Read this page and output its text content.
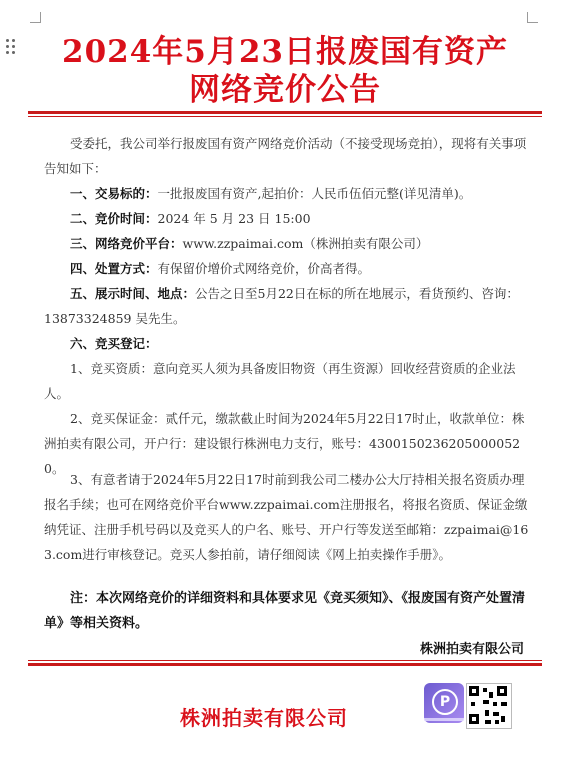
2024年5月23日报废国有资产
网络竞价公告

受委托，我公司举行报废国有资产网络竞价活动（不接受现场竞拍），现将有关事项告知如下：

一、交易标的：一批报废国有资产,起拍价：人民币伍佰元整(详见清单)。

二、竞价时间：2024 年 5 月 23 日 15:00

三、网络竞价平台：www.zzpaimai.com（株洲拍卖有限公司）

四、处置方式：有保留价增价式网络竞价，价高者得。

五、展示时间、地点：公告之日至5月22日在标的所在地展示，看货预约、咨询：13873324859 吴先生。

六、竞买登记：

1、竞买资质：意向竞买人须为具备废旧物资（再生资源）回收经营资质的企业法人。

2、竞买保证金：贰仟元，缴款截止时间为2024年5月22日17时止，收款单位：株洲拍卖有限公司，开户行：建设银行株洲电力支行，账号：43001502362050000520。

3、有意者请于2024年5月22日17时前到我公司二楼办公大厅持相关报名资质办理报名手续；也可在网络竞价平台www.zzpaimai.com注册报名，将报名资质、保证金缴纳凭证、注册手机号码以及竞买人的户名、账号、开户行等发送至邮箱：zzpaimai@163.com进行审核登记。竞买人参拍前，请仔细阅读《网上拍卖操作手册》。

注：本次网络竞价的详细资料和具体要求见《竞买须知》、《报废国有资产处置清单》等相关资料。

株洲拍卖有限公司
株洲拍卖有限公司
P
